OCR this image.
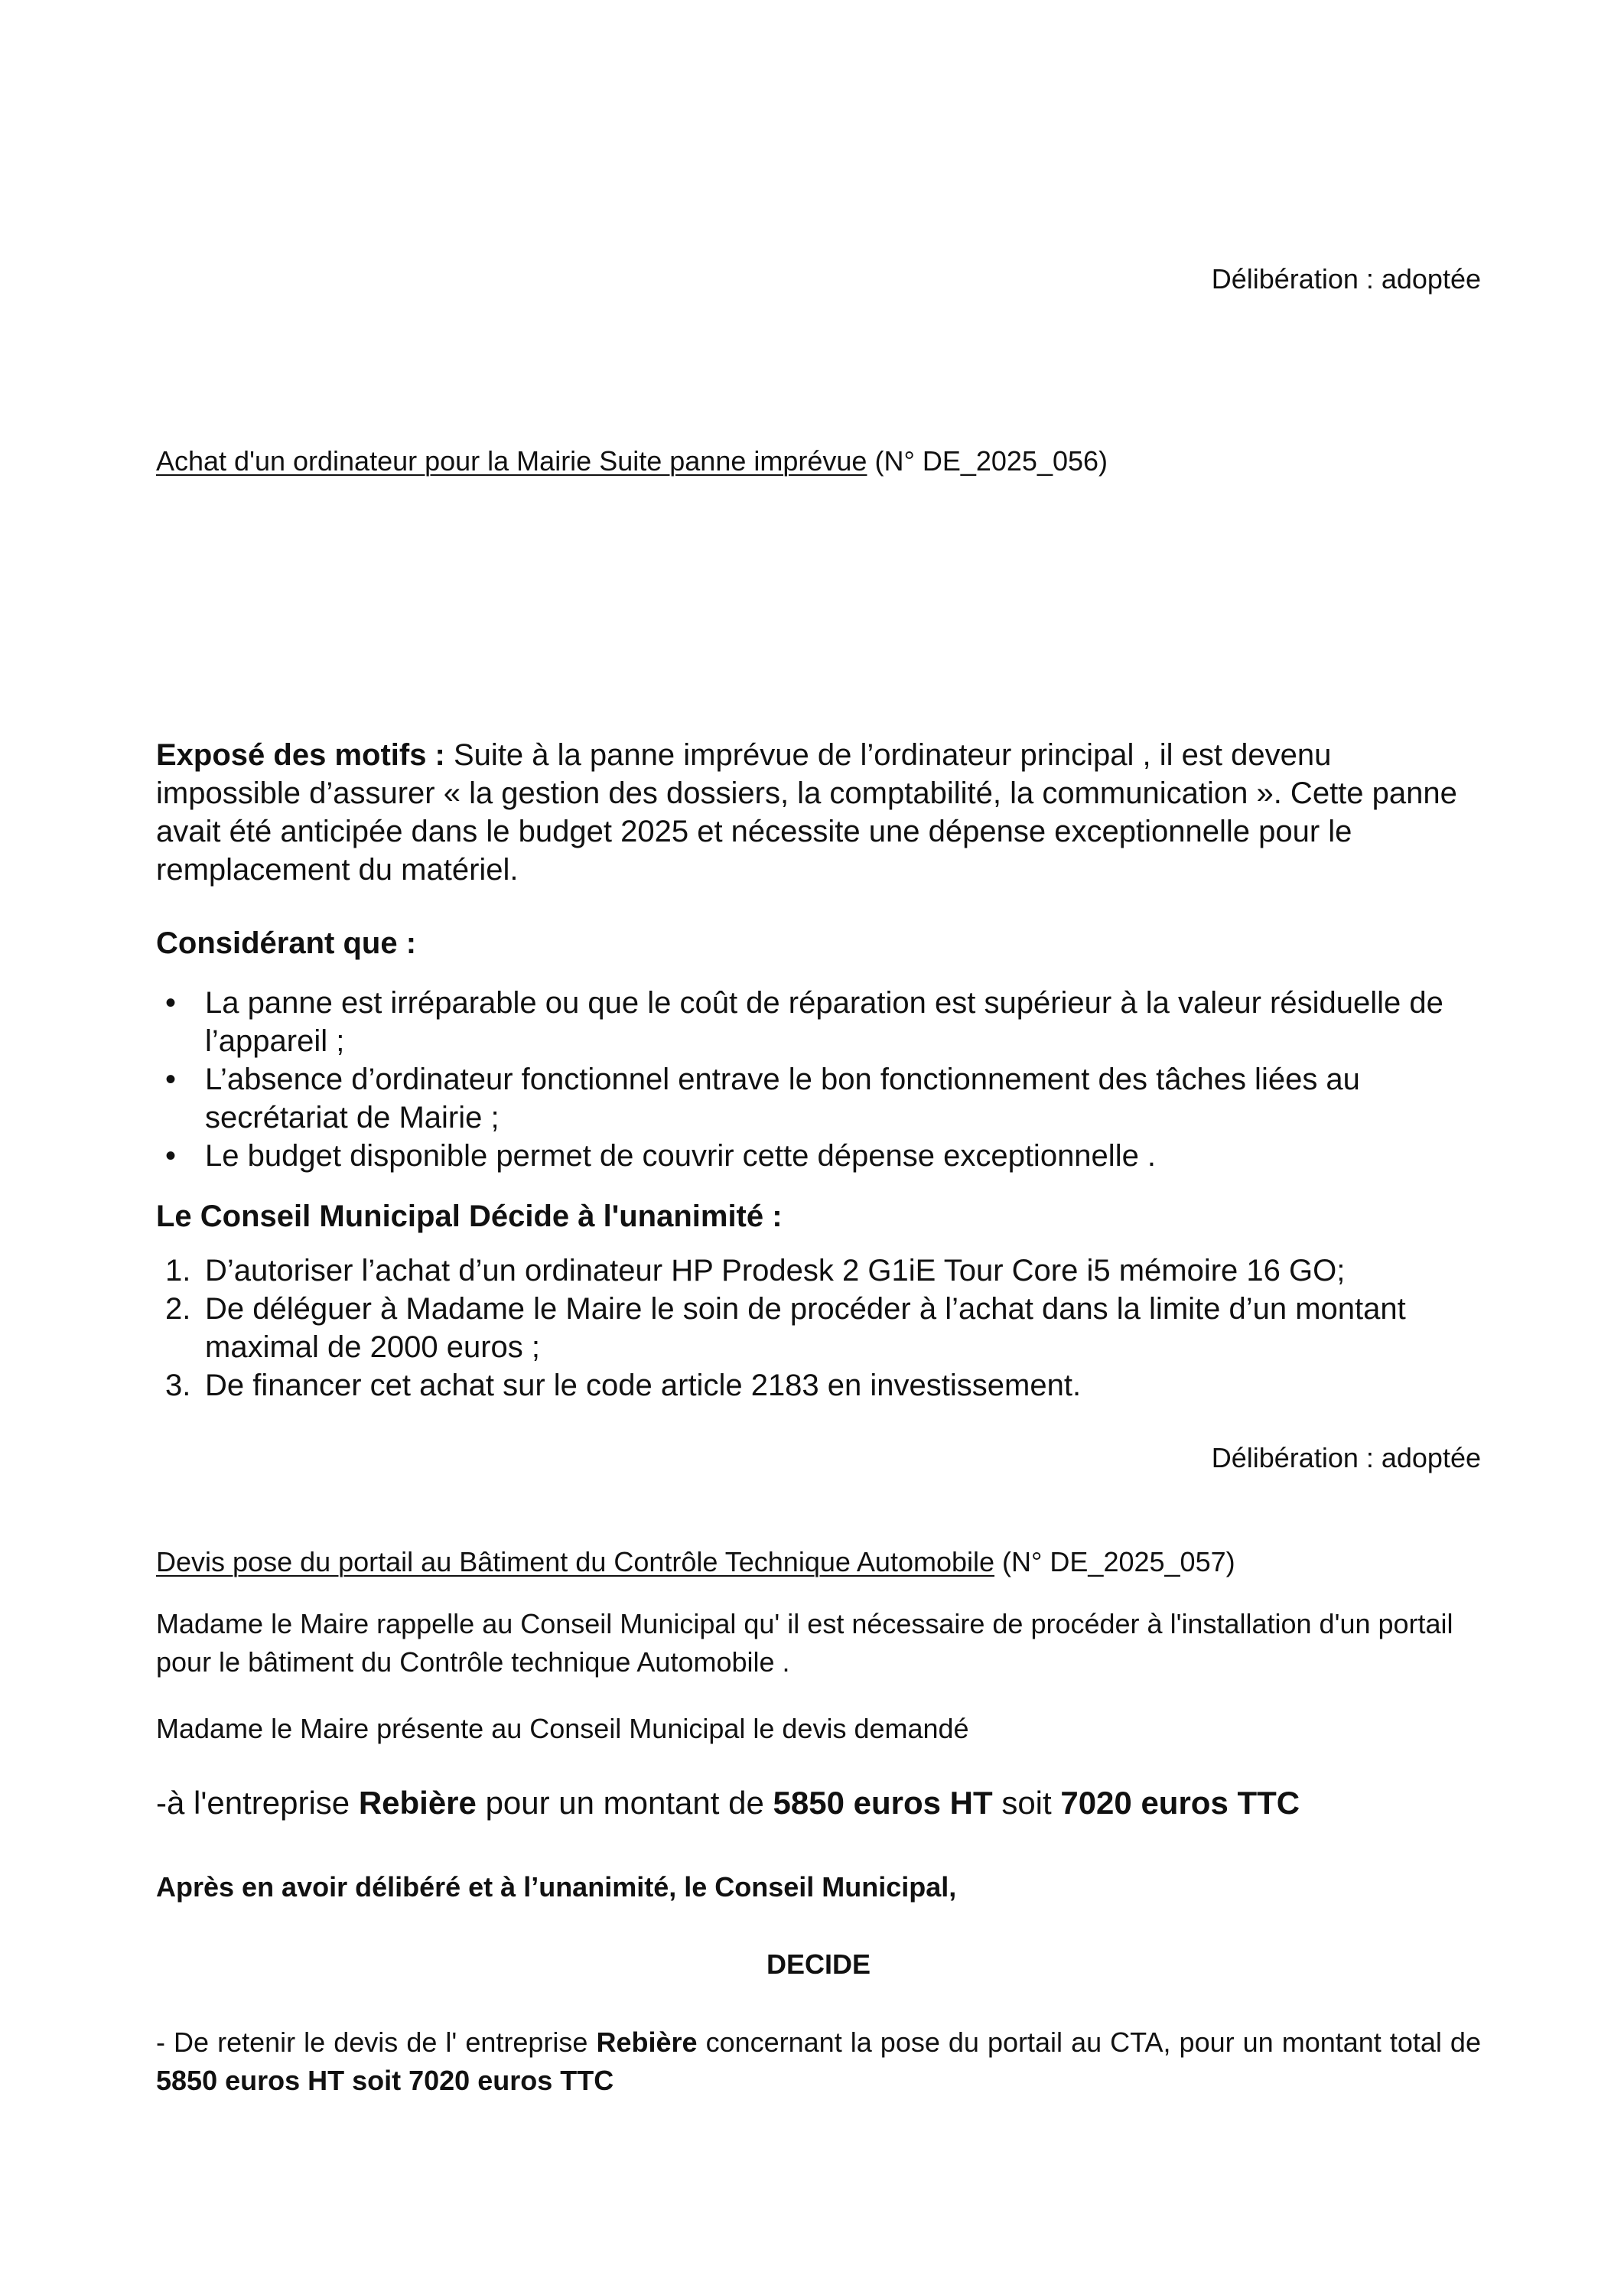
Délibération : adoptée
Achat d'un ordinateur pour la Mairie Suite panne imprévue (N° DE_2025_056)
Exposé des motifs : Suite à la panne imprévue de l’ordinateur principal , il est devenu impossible d’assurer « la gestion des dossiers, la comptabilité, la communication ». Cette panne avait été anticipée dans le budget 2025 et nécessite une dépense exceptionnelle pour le remplacement du matériel.
Considérant que :
• La panne est irréparable ou que le coût de réparation est supérieur à la valeur résiduelle de l’appareil ;
• L’absence d’ordinateur fonctionnel entrave le bon fonctionnement des tâches liées au secrétariat de Mairie ;
• Le budget disponible permet de couvrir cette dépense exceptionnelle .
Le Conseil Municipal Décide à l'unanimité :
1. D’autoriser l’achat d’un ordinateur HP Prodesk 2 G1iE Tour Core i5 mémoire 16 GO;
2. De déléguer à Madame le Maire le soin de procéder à l’achat dans la limite d’un montant maximal de 2000 euros ;
3. De financer cet achat sur le code article 2183 en investissement.
Délibération : adoptée
Devis pose du portail au Bâtiment du Contrôle Technique Automobile (N° DE_2025_057)
Madame le Maire rappelle au Conseil Municipal qu' il est nécessaire de procéder à l'installation d'un portail pour le bâtiment du Contrôle technique Automobile .
Madame le Maire présente au Conseil Municipal le devis demandé
-à l'entreprise Rebière pour un montant de 5850 euros HT soit 7020 euros TTC
Après en avoir délibéré et à l’unanimité, le Conseil Municipal,
DECIDE
- De retenir le devis de l' entreprise Rebière concernant la pose du portail au CTA, pour un montant total de 5850 euros HT soit 7020 euros TTC
